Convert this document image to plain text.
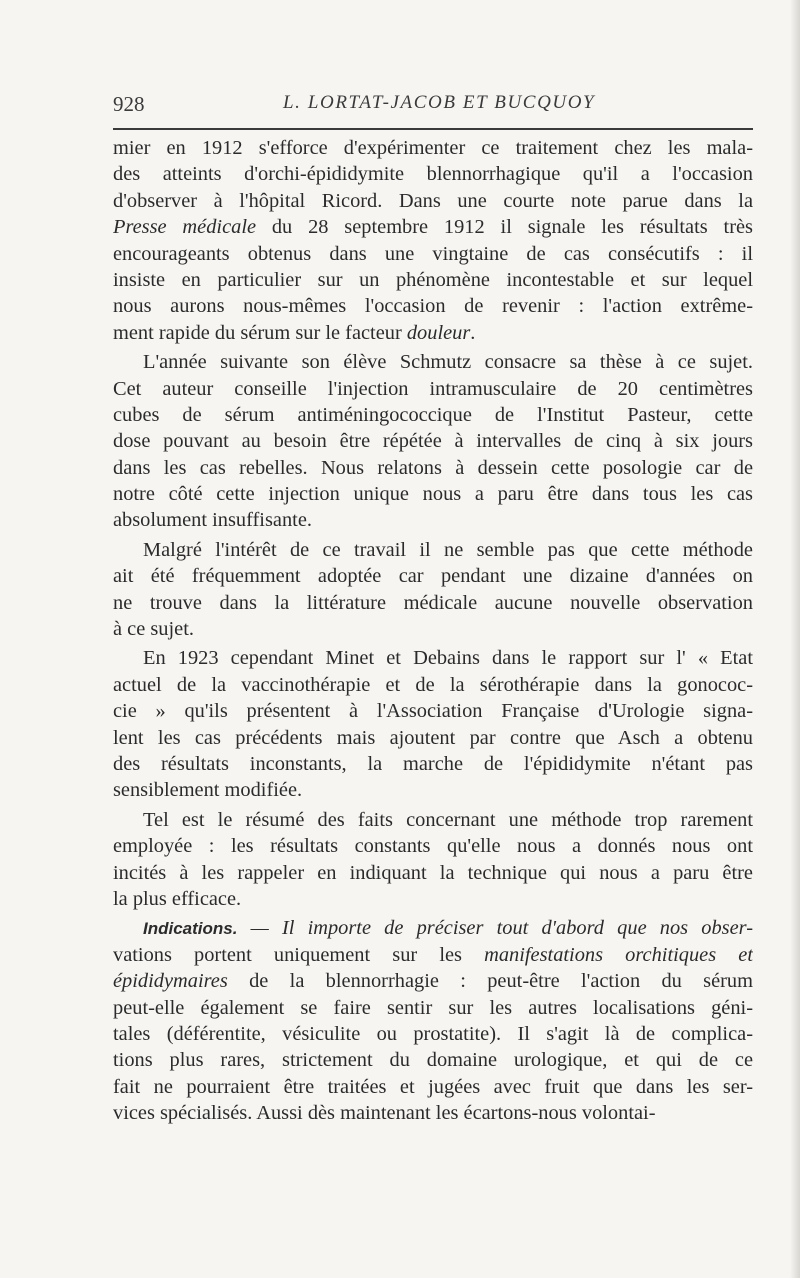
928	L. LORTAT-JACOB ET BUCQUOY
mier en 1912 s'efforce d'expérimenter ce traitement chez les mala-
des atteints d'orchi-épididymite blennorrhagique qu'il a l'occasion
d'observer à l'hôpital Ricord. Dans une courte note parue dans la
Presse médicale du 28 septembre 1912 il signale les résultats très
encourageants obtenus dans une vingtaine de cas consécutifs : il
insiste en particulier sur un phénomène incontestable et sur lequel
nous aurons nous-mêmes l'occasion de revenir : l'action extrême-
ment rapide du sérum sur le facteur douleur.
L'année suivante son élève Schmutz consacre sa thèse à ce sujet.
Cet auteur conseille l'injection intramusculaire de 20 centimètres
cubes de sérum antiméningococcique de l'Institut Pasteur, cette
dose pouvant au besoin être répétée à intervalles de cinq à six jours
dans les cas rebelles. Nous relatons à dessein cette posologie car de
notre côté cette injection unique nous a paru être dans tous les cas
absolument insuffisante.
Malgré l'intérêt de ce travail il ne semble pas que cette méthode
ait été fréquemment adoptée car pendant une dizaine d'années on
ne trouve dans la littérature médicale aucune nouvelle observation
à ce sujet.
En 1923 cependant Minet et Debains dans le rapport sur l' « Etat
actuel de la vaccinothérapie et de la sérothérapie dans la gonococ-
cie » qu'ils présentent à l'Association Française d'Urologie signa-
lent les cas précédents mais ajoutent par contre que Asch a obtenu
des résultats inconstants, la marche de l'épididymite n'étant pas
sensiblement modifiée.
Tel est le résumé des faits concernant une méthode trop rarement
employée : les résultats constants qu'elle nous a donnés nous ont
incités à les rappeler en indiquant la technique qui nous a paru être
la plus efficace.
Indications. — Il importe de préciser tout d'abord que nos obser-
vations portent uniquement sur les manifestations orchitiques et
épididymaires de la blennorrhagie : peut-être l'action du sérum
peut-elle également se faire sentir sur les autres localisations géni-
tales (déférentite, vésiculite ou prostatite). Il s'agit là de complica-
tions plus rares, strictement du domaine urologique, et qui de ce
fait ne pourraient être traitées et jugées avec fruit que dans les ser-
vices spécialisés. Aussi dès maintenant les écartons-nous volontai-
